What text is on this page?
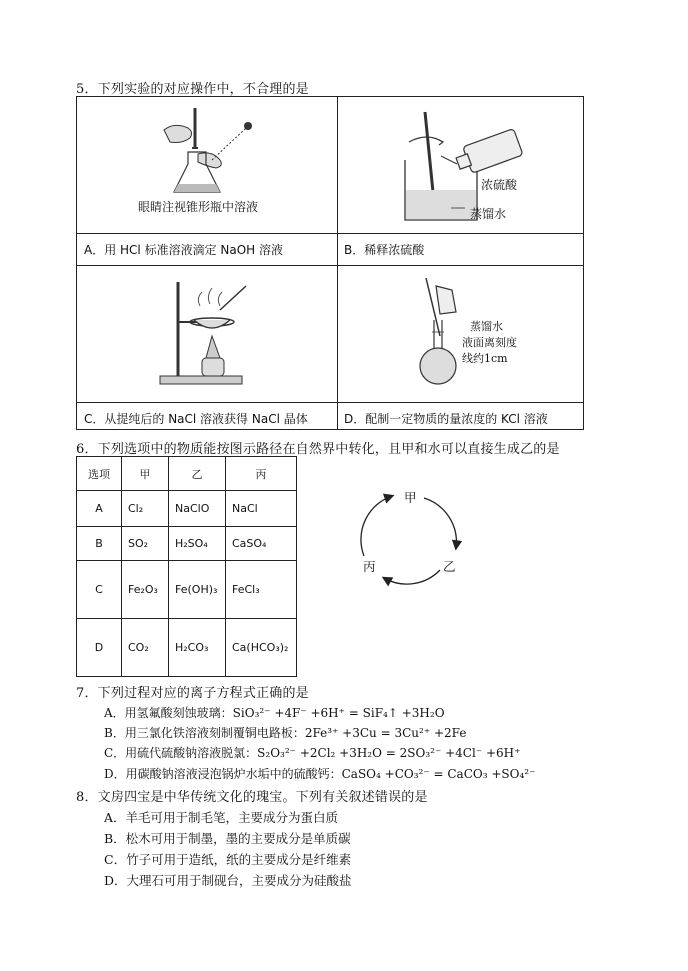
5．下列实验的对应操作中，不合理的是
眼睛注视锥形瓶中溶液
A．用 HCl 标准溶液滴定 NaOH 溶液
浓硫酸
蒸馏水
B．稀释浓硫酸
C．从提纯后的 NaCl 溶液获得 NaCl 晶体
蒸馏水
液面离刻度
线约1cm
D．配制一定物质的量浓度的 KCl 溶液
6．下列选项中的物质能按图示路径在自然界中转化，且甲和水可以直接生成乙的是
选项	甲	乙	丙
A	Cl₂	NaClO	NaCl
B	SO₂	H₂SO₄	CaSO₄
C	Fe₂O₃	Fe(OH)₃	FeCl₃
D	CO₂	H₂CO₃	Ca(HCO₃)₂
甲
乙
丙
7．下列过程对应的离子方程式正确的是
A．用氢氟酸刻蚀玻璃：SiO₃²⁻ +4F⁻ +6H⁺ = SiF₄↑ +3H₂O
B．用三氯化铁溶液刻制覆铜电路板：2Fe³⁺ +3Cu = 3Cu²⁺ +2Fe
C．用硫代硫酸钠溶液脱氯：S₂O₃²⁻ +2Cl₂ +3H₂O = 2SO₃²⁻ +4Cl⁻ +6H⁺
D．用碳酸钠溶液浸泡锅炉水垢中的硫酸钙：CaSO₄ +CO₃²⁻ = CaCO₃ +SO₄²⁻
8．文房四宝是中华传统文化的瑰宝。下列有关叙述错误的是
A．羊毛可用于制毛笔，主要成分为蛋白质
B．松木可用于制墨，墨的主要成分是单质碳
C．竹子可用于造纸，纸的主要成分是纤维素
D．大理石可用于制砚台，主要成分为硅酸盐
